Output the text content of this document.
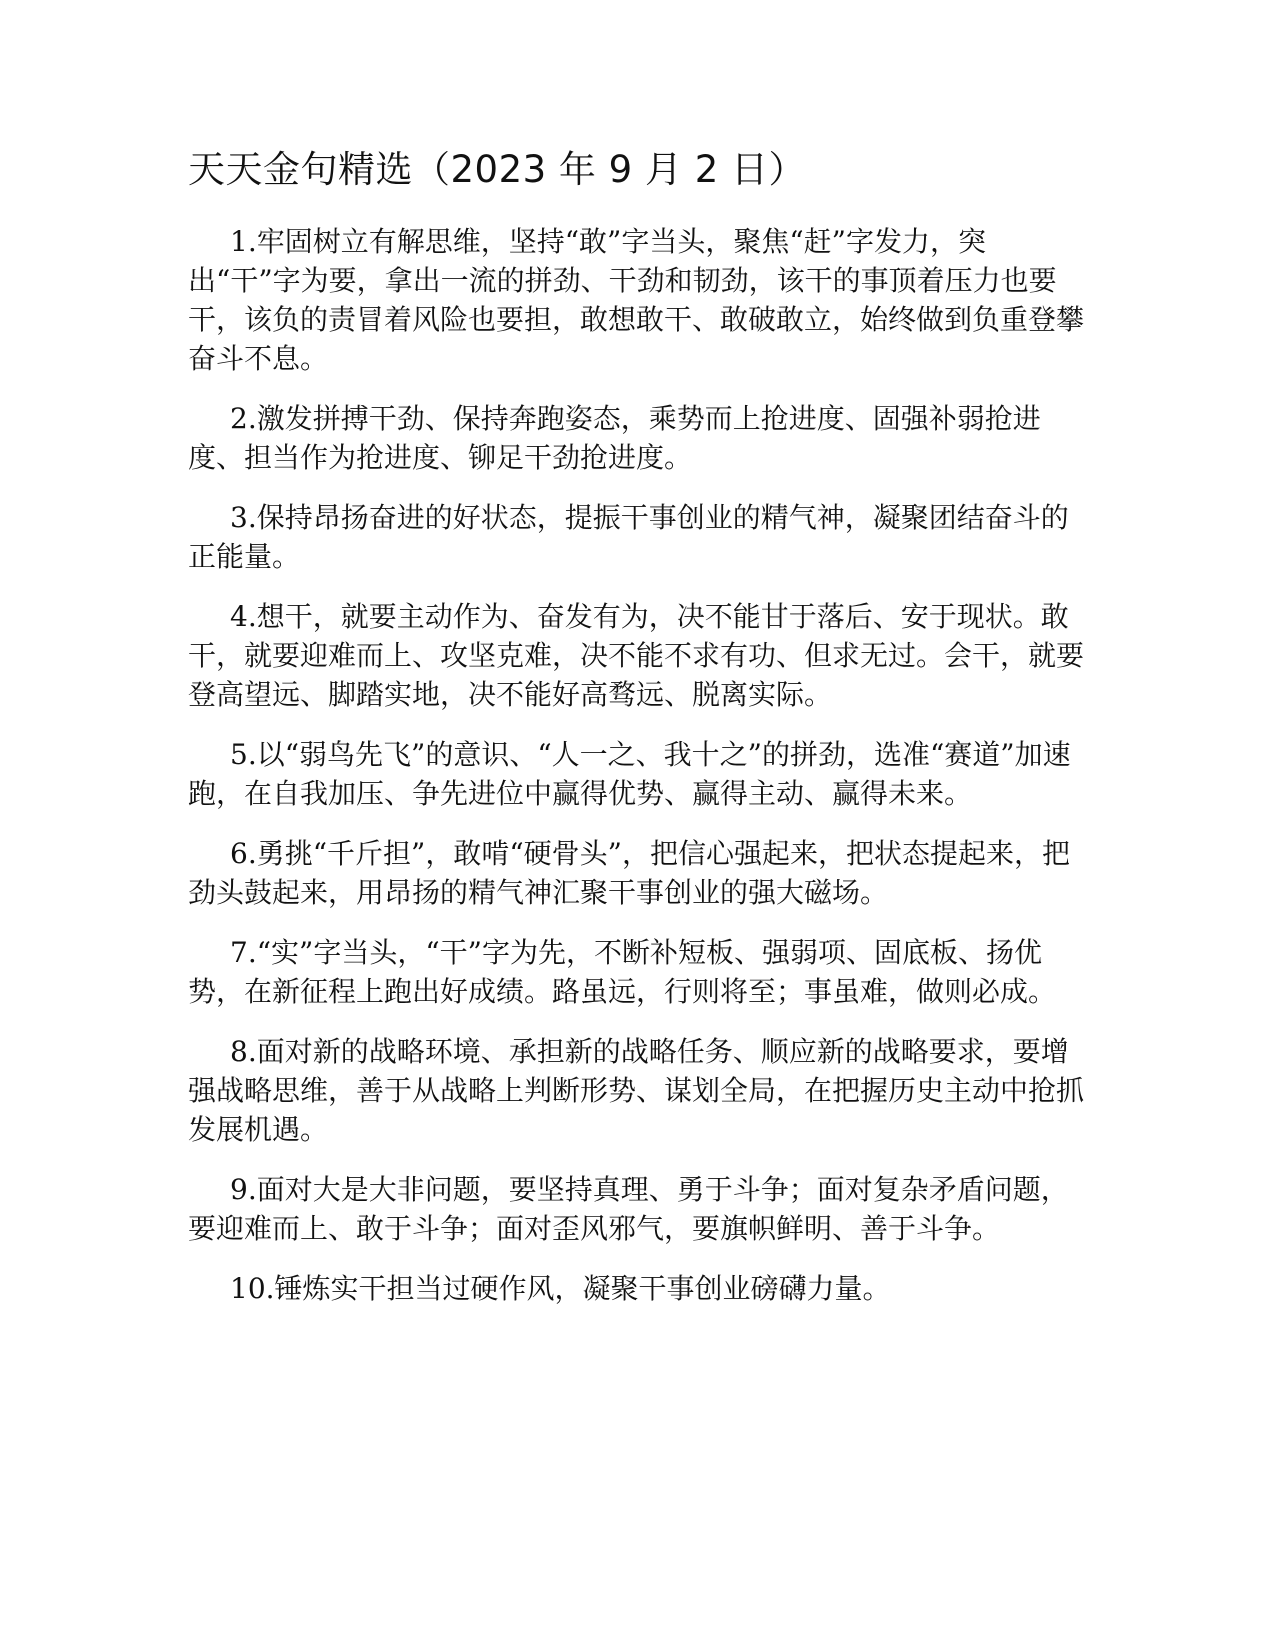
天天金句精选（2023 年 9 月 2 日）

1.牢固树立有解思维，坚持“敢”字当头，聚焦“赶”字发力，突出“干”字为要，拿出一流的拼劲、干劲和韧劲，该干的事顶着压力也要干，该负的责冒着风险也要担，敢想敢干、敢破敢立，始终做到负重登攀奋斗不息。

2.激发拼搏干劲、保持奔跑姿态，乘势而上抢进度、固强补弱抢进度、担当作为抢进度、铆足干劲抢进度。

3.保持昂扬奋进的好状态，提振干事创业的精气神，凝聚团结奋斗的正能量。

4.想干，就要主动作为、奋发有为，决不能甘于落后、安于现状。敢干，就要迎难而上、攻坚克难，决不能不求有功、但求无过。会干，就要登高望远、脚踏实地，决不能好高骛远、脱离实际。

5.以“弱鸟先飞”的意识、“人一之、我十之”的拼劲，选准“赛道”加速跑，在自我加压、争先进位中赢得优势、赢得主动、赢得未来。

6.勇挑“千斤担”，敢啃“硬骨头”，把信心强起来，把状态提起来，把劲头鼓起来，用昂扬的精气神汇聚干事创业的强大磁场。

7.“实”字当头，“干”字为先，不断补短板、强弱项、固底板、扬优势，在新征程上跑出好成绩。路虽远，行则将至；事虽难，做则必成。

8.面对新的战略环境、承担新的战略任务、顺应新的战略要求，要增强战略思维，善于从战略上判断形势、谋划全局，在把握历史主动中抢抓发展机遇。

9.面对大是大非问题，要坚持真理、勇于斗争；面对复杂矛盾问题，要迎难而上、敢于斗争；面对歪风邪气，要旗帜鲜明、善于斗争。

10.锤炼实干担当过硬作风，凝聚干事创业磅礴力量。
